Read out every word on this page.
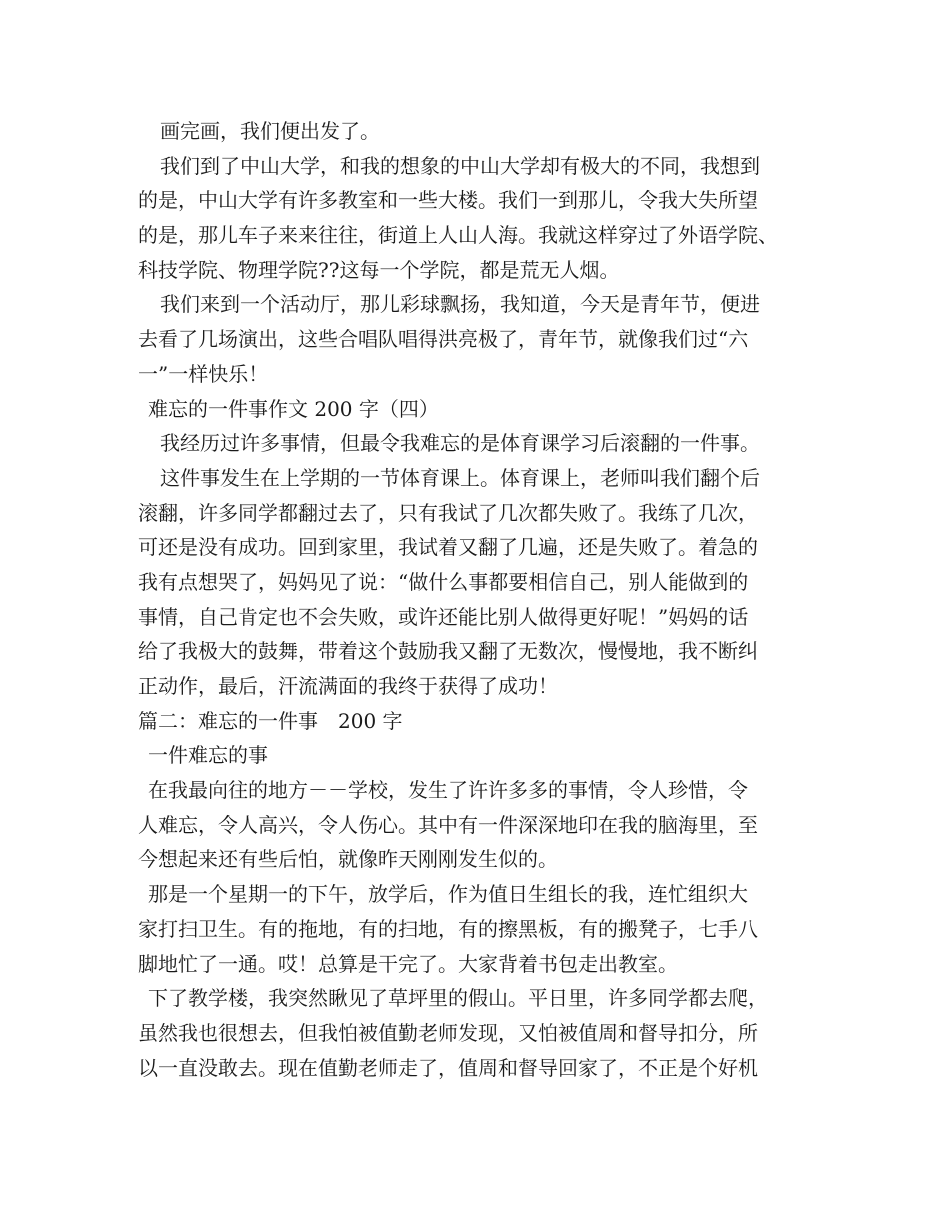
画完画，我们便出发了。
我们到了中山大学，和我的想象的中山大学却有极大的不同，我想到
的是，中山大学有许多教室和一些大楼。我们一到那儿，令我大失所望
的是，那儿车子来来往往，街道上人山人海。我就这样穿过了外语学院、
科技学院、物理学院??这每一个学院，都是荒无人烟。
我们来到一个活动厅，那儿彩球飘扬，我知道，今天是青年节，便进
去看了几场演出，这些合唱队唱得洪亮极了，青年节，就像我们过“六
一”一样快乐！
难忘的一件事作文 200 字（四）
我经历过许多事情，但最令我难忘的是体育课学习后滚翻的一件事。
这件事发生在上学期的一节体育课上。体育课上，老师叫我们翻个后
滚翻，许多同学都翻过去了，只有我试了几次都失败了。我练了几次，
可还是没有成功。回到家里，我试着又翻了几遍，还是失败了。着急的
我有点想哭了，妈妈见了说：“做什么事都要相信自己，别人能做到的
事情，自己肯定也不会失败，或许还能比别人做得更好呢！”妈妈的话
给了我极大的鼓舞，带着这个鼓励我又翻了无数次，慢慢地，我不断纠
正动作，最后，汗流满面的我终于获得了成功！
篇二：难忘的一件事　200 字
一件难忘的事
在我最向往的地方－－学校，发生了许许多多的事情，令人珍惜，令
人难忘，令人高兴，令人伤心。其中有一件深深地印在我的脑海里，至
今想起来还有些后怕，就像昨天刚刚发生似的。
那是一个星期一的下午，放学后，作为值日生组长的我，连忙组织大
家打扫卫生。有的拖地，有的扫地，有的擦黑板，有的搬凳子，七手八
脚地忙了一通。哎！总算是干完了。大家背着书包走出教室。
下了教学楼，我突然瞅见了草坪里的假山。平日里，许多同学都去爬，
虽然我也很想去，但我怕被值勤老师发现，又怕被值周和督导扣分，所
以一直没敢去。现在值勤老师走了，值周和督导回家了，不正是个好机
